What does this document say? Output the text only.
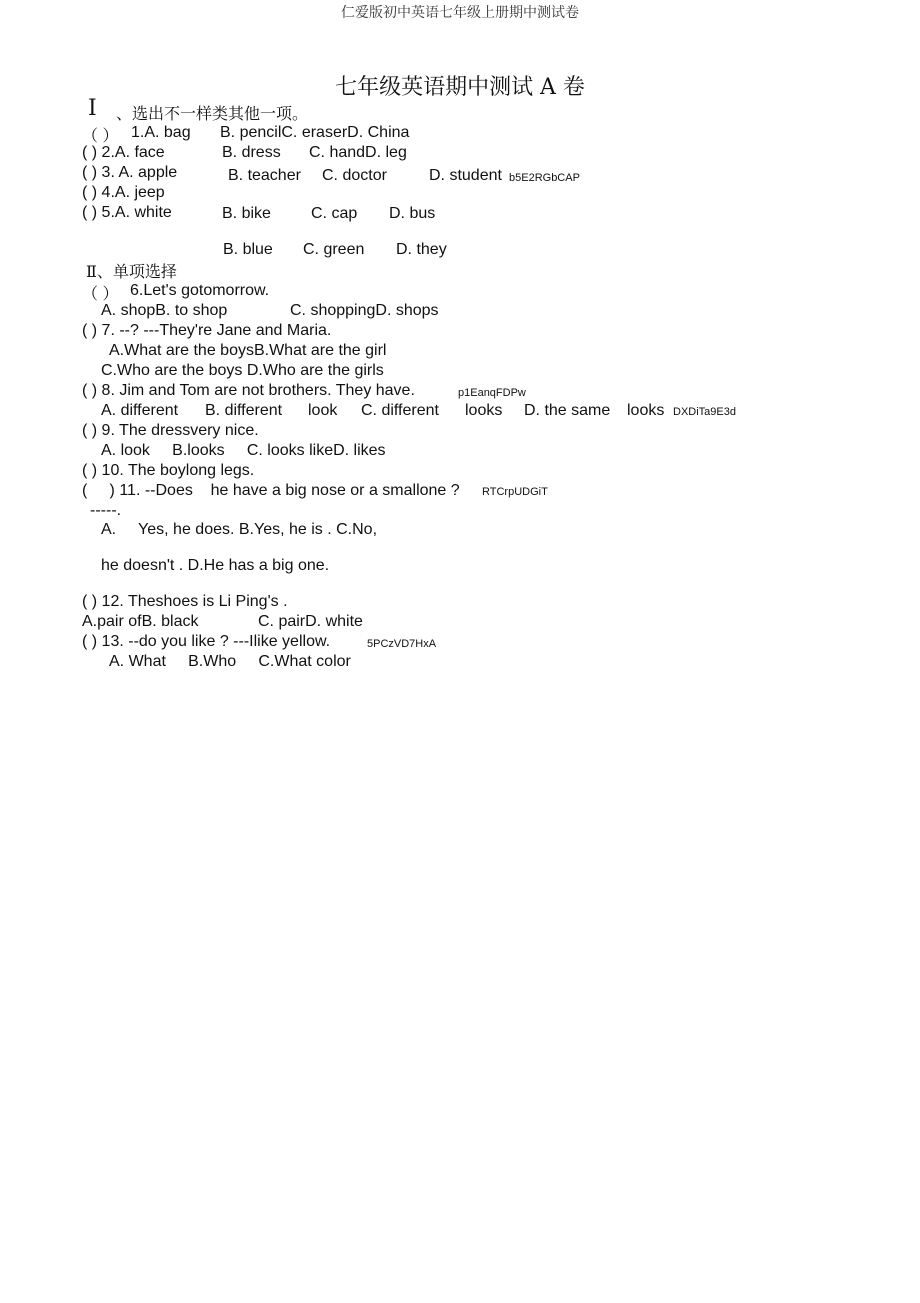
仁爱版初中英语七年级上册期中测试卷
七年级英语期中测试 A 卷
Ⅰ 、选出不一样类其他一项。
（ ） 1.A. bag B. pencilC. eraserD. China
( ) 2.A. face	B. dress C. handD. leg
( ) 3. A. apple	B. teacher C. doctor	D. student b5E2RGbCAP
( ) 4.A. jeep
( ) 5.A. white	B. bike	C. cap D. bus
B. blue C. green D. they
Ⅱ、单项选择
（ ） 6.Let's gotomorrow.
A. shopB. to shop	C. shoppingD. shops
( ) 7. --? ---They're Jane and Maria.
A.What are the boysB.What are the girl
C.Who are the boys D.Who are the girls
( ) 8. Jim and Tom are not brothers. They have.	p1EanqFDPw
A. different B. different look C. different looks D. the same looks DXDiTa9E3d
( ) 9. The dressvery nice.
A. look     B.looks     C. looks likeD. likes
( ) 10. The boylong legs.
(     ) 11. --Does    he have a big nose or a smallone ? RTCrpUDGiT
-----.
A.     Yes, he does. B.Yes, he is . C.No,
he doesn't . D.He has a big one.
( ) 12. Theshoes is Li Ping's .
A.pair ofB. black	C. pairD. white
( ) 13. --do you like ? ---Ilike yellow.	5PCzVD7HxA
A. What     B.Who     C.What color
